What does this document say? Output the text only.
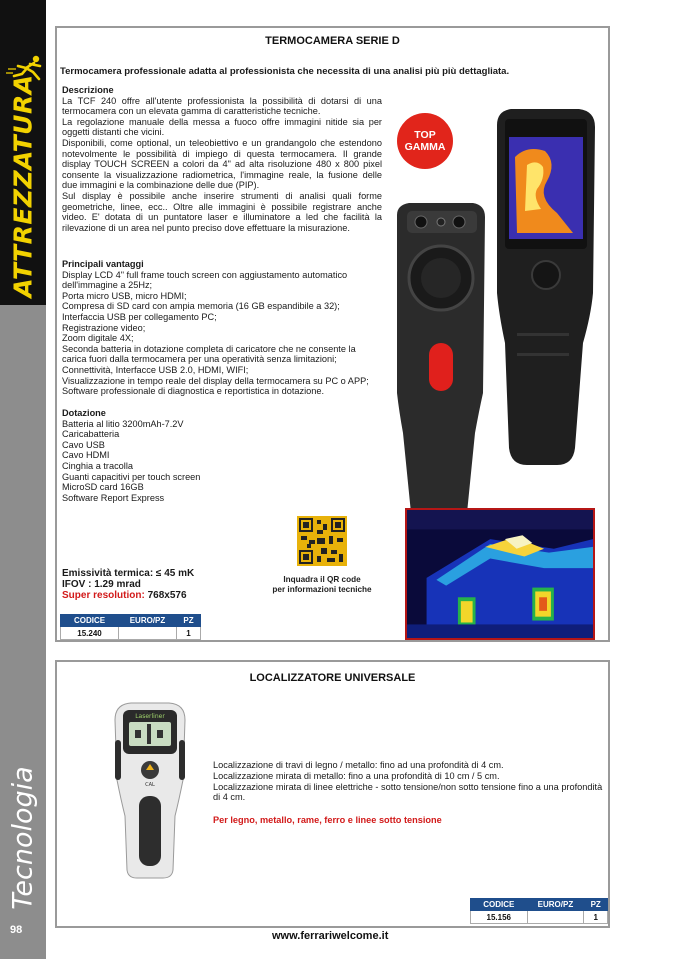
ATTREZZATURA
Tecnologia
98
TERMOCAMERA SERIE D
Termocamera professionale adatta al professionista che necessita di una analisi più più dettagliata.
Descrizione
La TCF 240 offre all'utente professionista la possibilità di dotarsi di una termocamera con un elevata gamma di caratteristiche tecniche.
La regolazione manuale della messa a fuoco offre immagini nitide sia per oggetti distanti che vicini.
Disponibili, come optional, un teleobiettivo e un grandangolo che estendono notevolmente le possibilità di impiego di questa termocamera. Il grande display TOUCH SCREEN a colori da 4" ad alta risoluzione 480 x 800 pixel consente la visualizzazione radiometrica, l'immagine reale, la fusione delle due immagini e la combinazione delle due (PIP).
Sul display è possibile anche inserire strumenti di analisi quali forme geometriche, linee, ecc.. Oltre alle immagini è possibile registrare anche video. E' dotata di un puntatore laser e illuminatore a led che facilità la rilevazione di un area nel punto preciso dove effettuare la misurazione.
Principali vantaggi
Display LCD 4" full frame touch screen con aggiustamento automatico dell'immagine a 25Hz;
Porta micro USB, micro HDMI;
Compresa di SD card con ampia memoria (16 GB espandibile a 32);
Interfaccia USB per collegamento PC;
Registrazione video;
Zoom digitale 4X;
Seconda batteria in dotazione completa di caricatore che ne consente la carica fuori dalla termocamera per una operatività senza limitazioni;
Connettività, Interfacce USB 2.0, HDMI, WIFI;
Visualizzazione in tempo reale del display della termocamera su PC o APP;
Software professionale di diagnostica e reportistica in dotazione.
Dotazione
Batteria al litio 3200mAh-7.2V
Caricabatteria
Cavo USB
Cavo HDMI
Cinghia a tracolla
Guanti capacitivi per touch screen
MicroSD card 16GB
Software Report Express
Emissività termica: ≤ 45 mK
IFOV : 1.29 mrad
Super resolution: 768x576
Inquadra il QR code
per informazioni tecniche
TOP
GAMMA
CODICE	EURO/PZ	PZ
15.240		1
LOCALIZZATORE UNIVERSALE
Laserliner
CAL
Localizzazione di travi di legno / metallo: fino ad una profondità di 4 cm.
Localizzazione mirata di metallo: fino a una profondità di 10 cm / 5 cm.
Localizzazione mirata di linee elettriche - sotto tensione/non sotto tensione fino a una profondità di 4 cm.
Per legno, metallo, rame, ferro e linee sotto tensione
CODICE	EURO/PZ	PZ
15.156		1
www.ferrariwelcome.it
